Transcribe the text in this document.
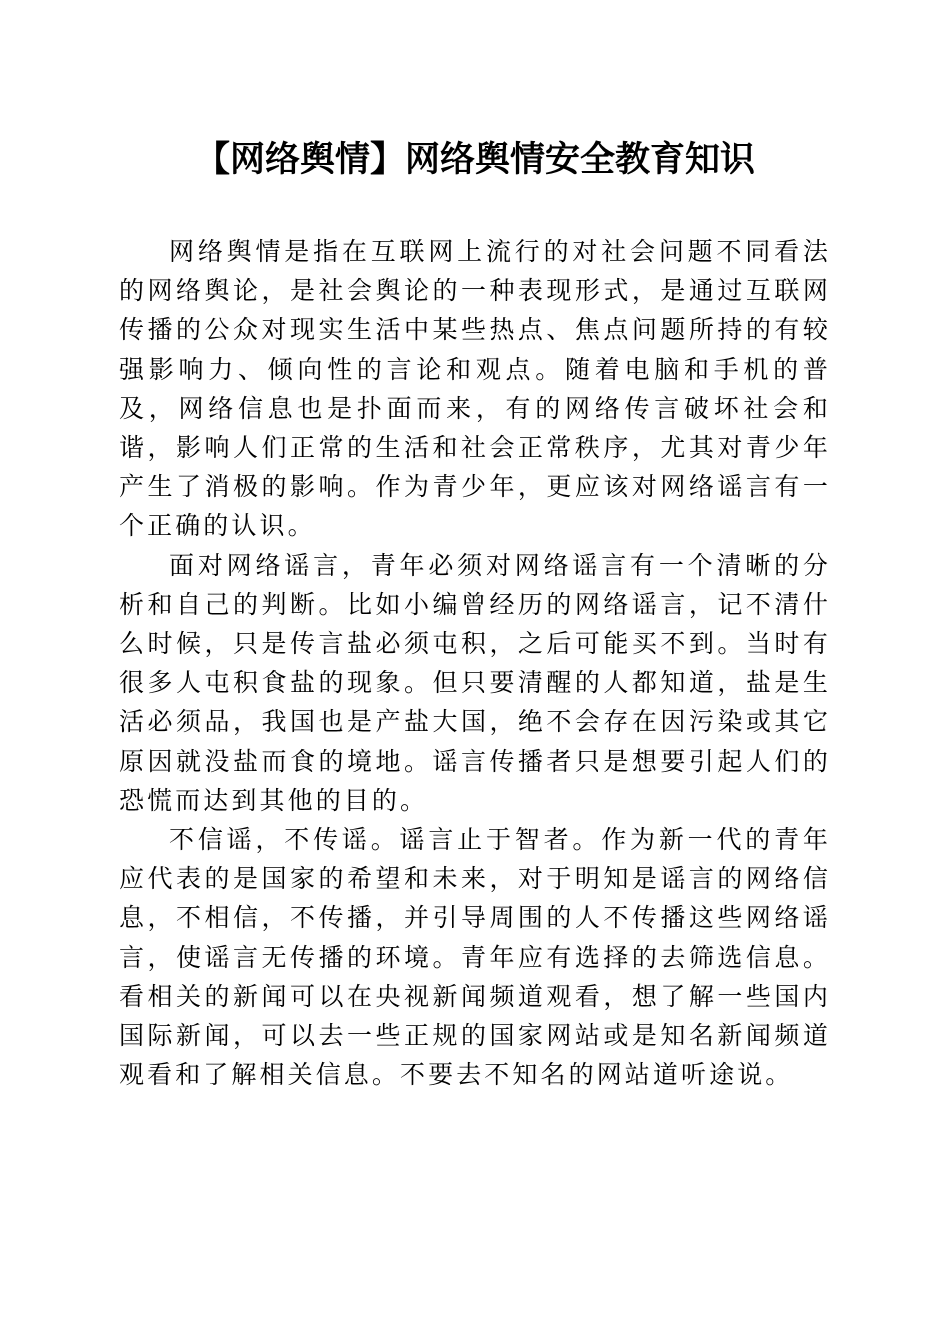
【网络舆情】网络舆情安全教育知识

网络舆情是指在互联网上流行的对社会问题不同看法的网络舆论，是社会舆论的一种表现形式，是通过互联网传播的公众对现实生活中某些热点、焦点问题所持的有较强影响力、倾向性的言论和观点。随着电脑和手机的普及，网络信息也是扑面而来，有的网络传言破坏社会和谐，影响人们正常的生活和社会正常秩序，尤其对青少年产生了消极的影响。作为青少年，更应该对网络谣言有一个正确的认识。

面对网络谣言，青年必须对网络谣言有一个清晰的分析和自己的判断。比如小编曾经历的网络谣言，记不清什么时候，只是传言盐必须屯积，之后可能买不到。当时有很多人屯积食盐的现象。但只要清醒的人都知道，盐是生活必须品，我国也是产盐大国，绝不会存在因污染或其它原因就没盐而食的境地。谣言传播者只是想要引起人们的恐慌而达到其他的目的。

不信谣，不传谣。谣言止于智者。作为新一代的青年应代表的是国家的希望和未来，对于明知是谣言的网络信息，不相信，不传播，并引导周围的人不传播这些网络谣言，使谣言无传播的环境。青年应有选择的去筛选信息。看相关的新闻可以在央视新闻频道观看，想了解一些国内国际新闻，可以去一些正规的国家网站或是知名新闻频道观看和了解相关信息。不要去不知名的网站道听途说。
